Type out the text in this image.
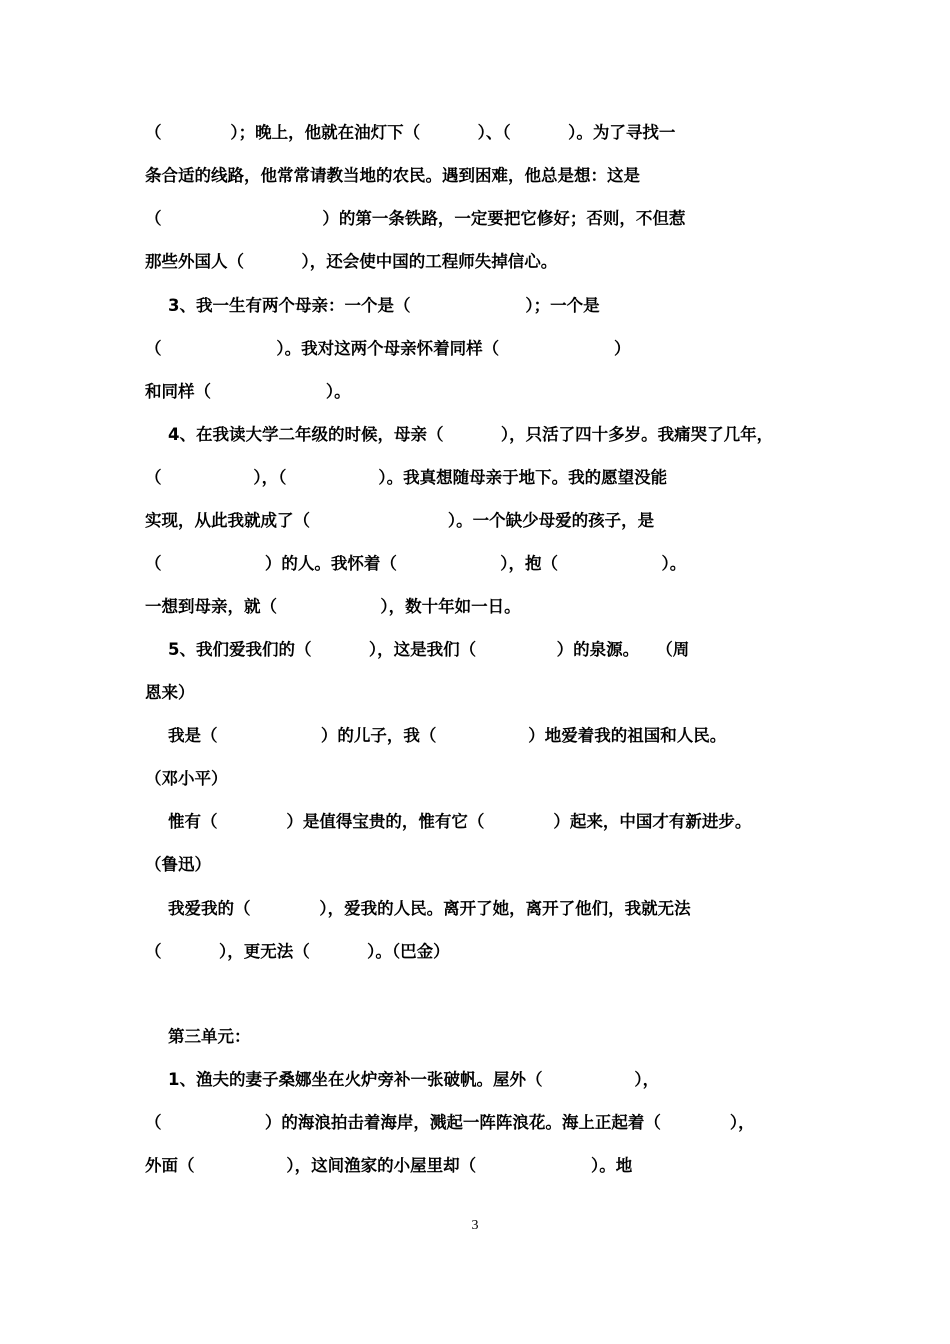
（            ）；晚上，他就在油灯下（          ）、（          ）。为了寻找一
条合适的线路，他常常请教当地的农民。遇到困难，他总是想：这是
（                            ）的第一条铁路，一定要把它修好；否则，不但惹
那些外国人（          ），还会使中国的工程师失掉信心。
3、我一生有两个母亲：一个是（                    ）；一个是
（                    ）。我对这两个母亲怀着同样（                    ）
和同样（                    ）。
4、在我读大学二年级的时候，母亲（          ），只活了四十多岁。我痛哭了几年，
（                ），（                ）。我真想随母亲于地下。我的愿望没能
实现，从此我就成了（                        ）。一个缺少母爱的孩子，是
（                  ）的人。我怀着（                  ），抱（                  ）。
一想到母亲，就（                  ），数十年如一日。
5、我们爱我们的（          ），这是我们（              ）的泉源。   （周
恩来）
我是（                  ）的儿子，我（                ）地爱着我的祖国和人民。
（邓小平）
惟有（            ）是值得宝贵的，惟有它（            ）起来，中国才有新进步。
（鲁迅）
我爱我的（            ），爱我的人民。离开了她，离开了他们，我就无法
（          ），更无法（          ）。（巴金）
第三单元：
1、渔夫的妻子桑娜坐在火炉旁补一张破帆。屋外（                ），
（                  ）的海浪拍击着海岸，溅起一阵阵浪花。海上正起着（            ），
外面（                ），这间渔家的小屋里却（                    ）。地
3
